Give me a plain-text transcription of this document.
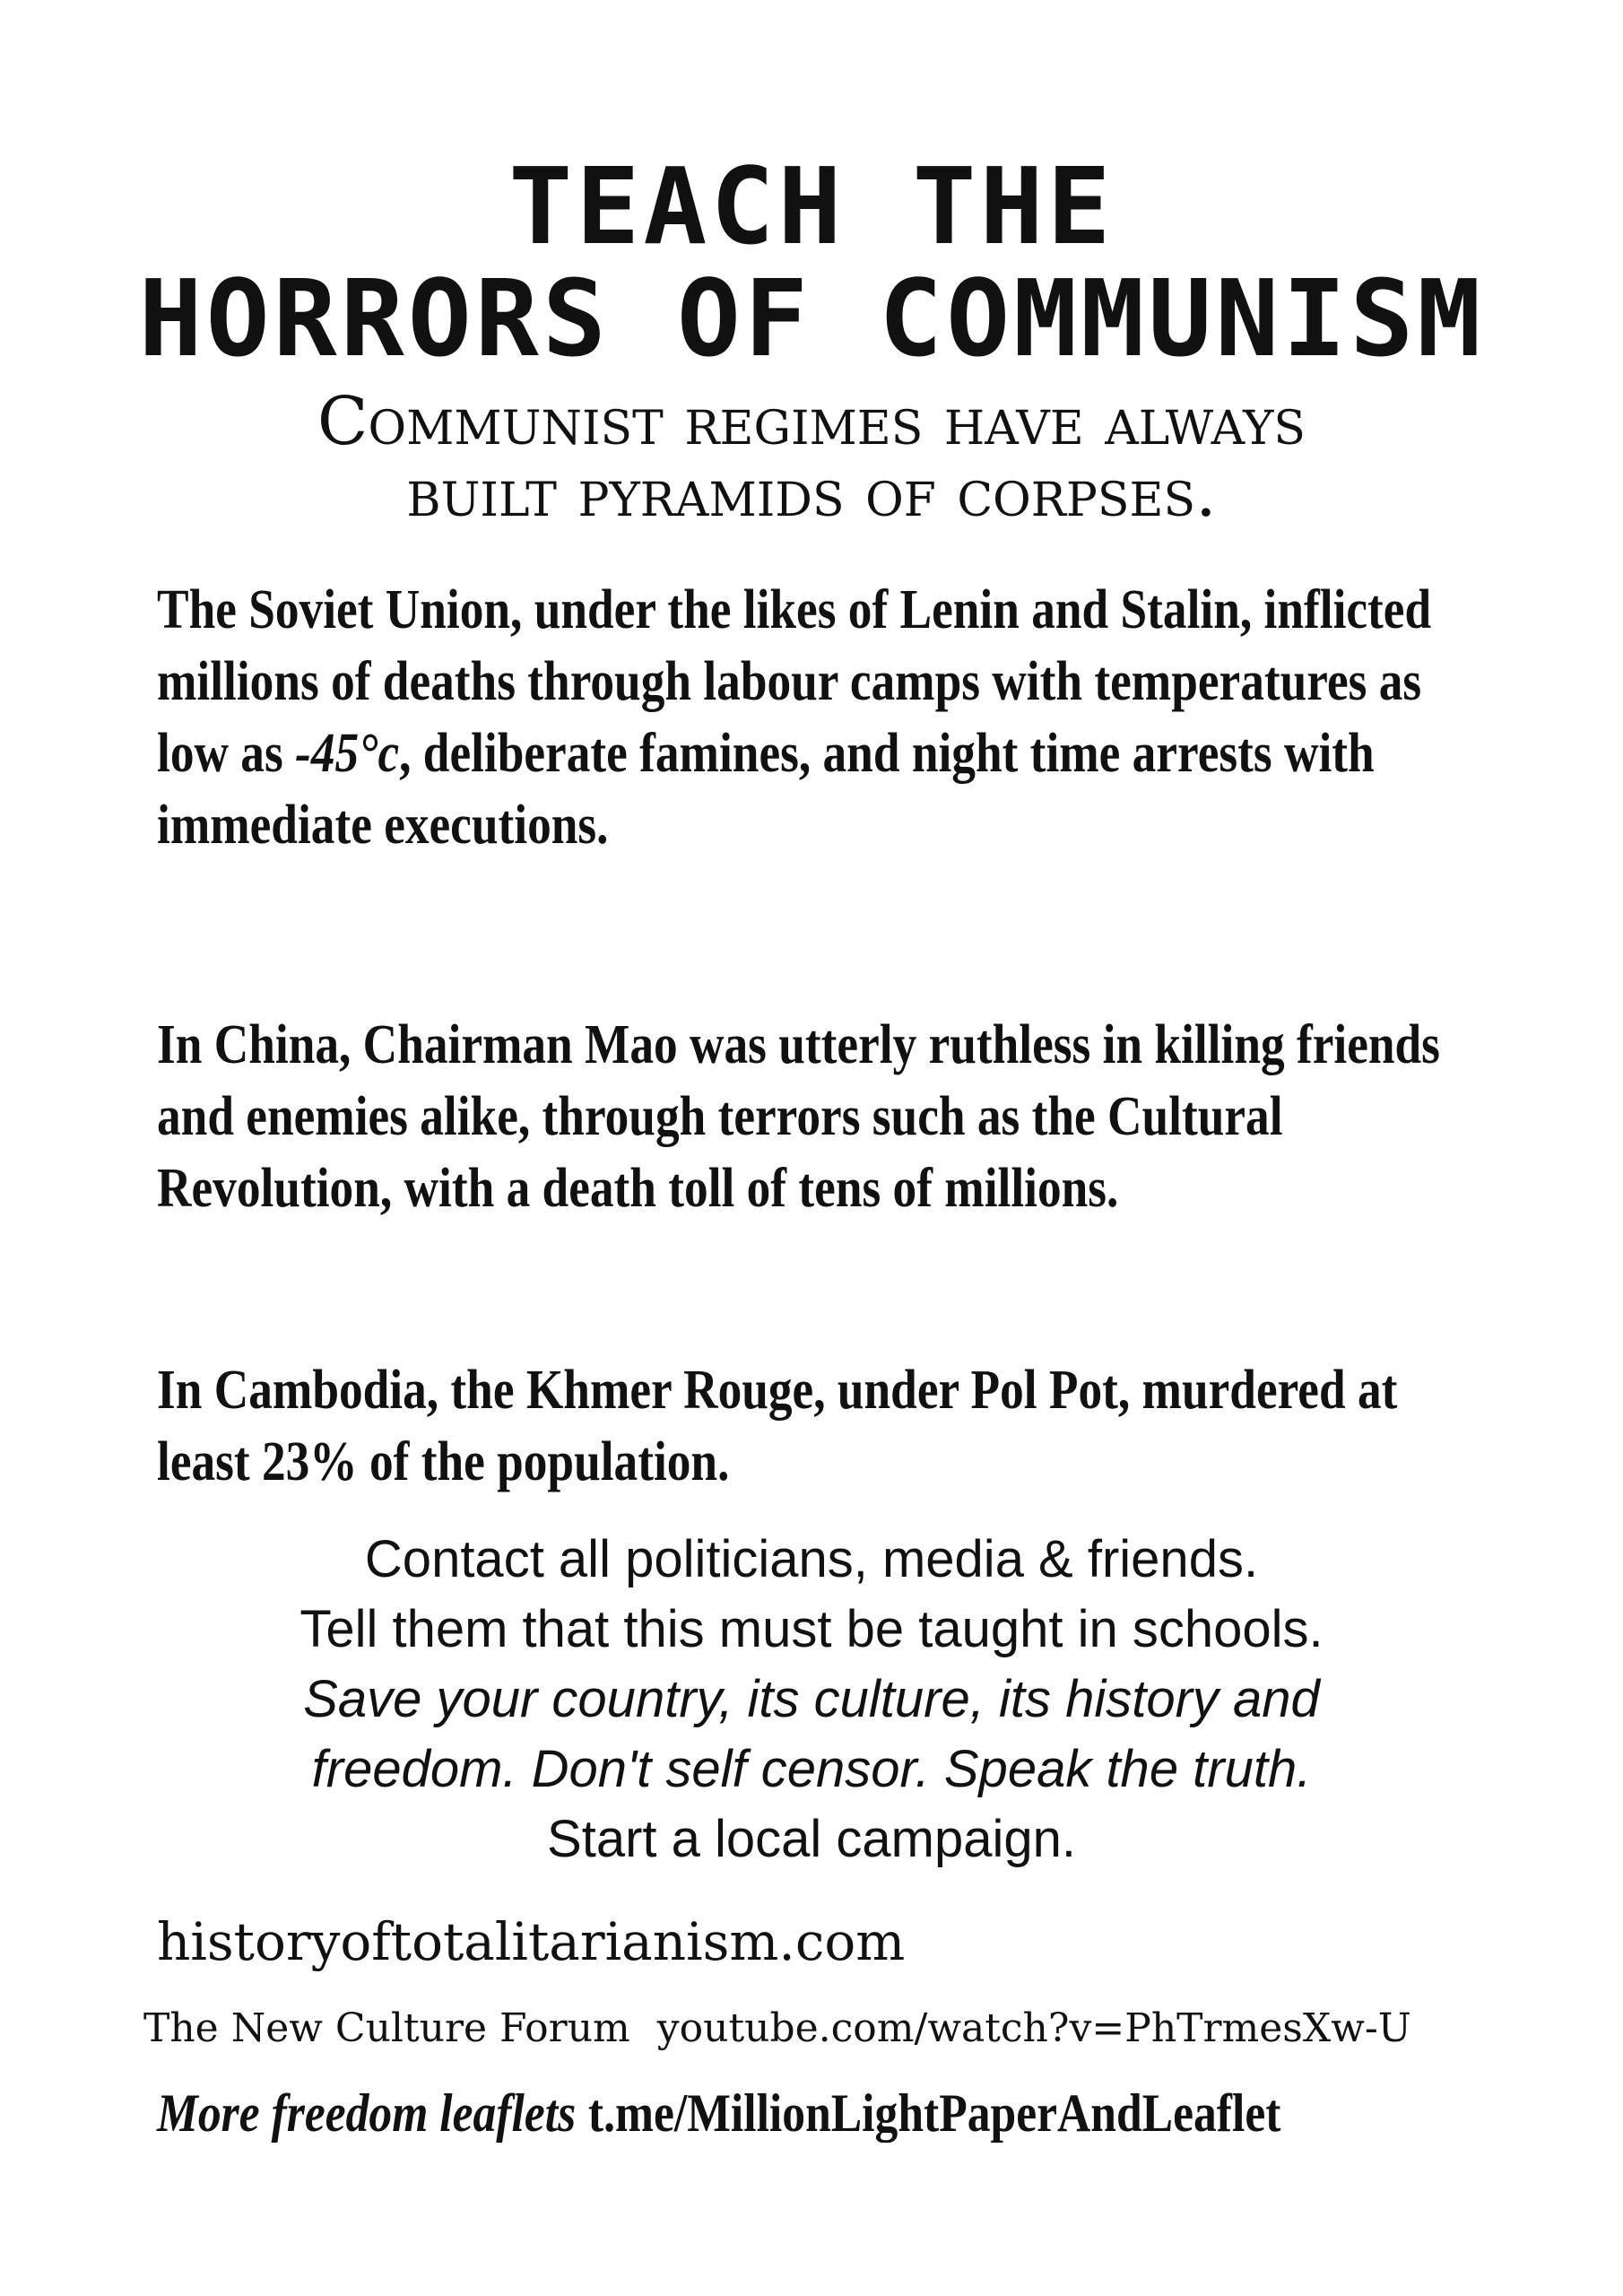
TEACH THE
HORRORS OF COMMUNISM
Communist regimes have always
built pyramids of corpses.
The Soviet Union, under the likes of Lenin and Stalin, inflicted millions of deaths through labour camps with temperatures as low as -45°c, deliberate famines, and night time arrests with immediate executions.
In China, Chairman Mao was utterly ruthless in killing friends and enemies alike, through terrors such as the Cultural Revolution, with a death toll of tens of millions.
In Cambodia, the Khmer Rouge, under Pol Pot, murdered at least 23% of the population.
Contact all politicians, media & friends.
Tell them that this must be taught in schools.
Save your country, its culture, its history and
freedom. Don't self censor. Speak the truth.
Start a local campaign.
historyoftotalitarianism.com
The New Culture Forum youtube.com/watch?v=PhTrmesXw-U
More freedom leaflets t.me/MillionLightPaperAndLeaflet
